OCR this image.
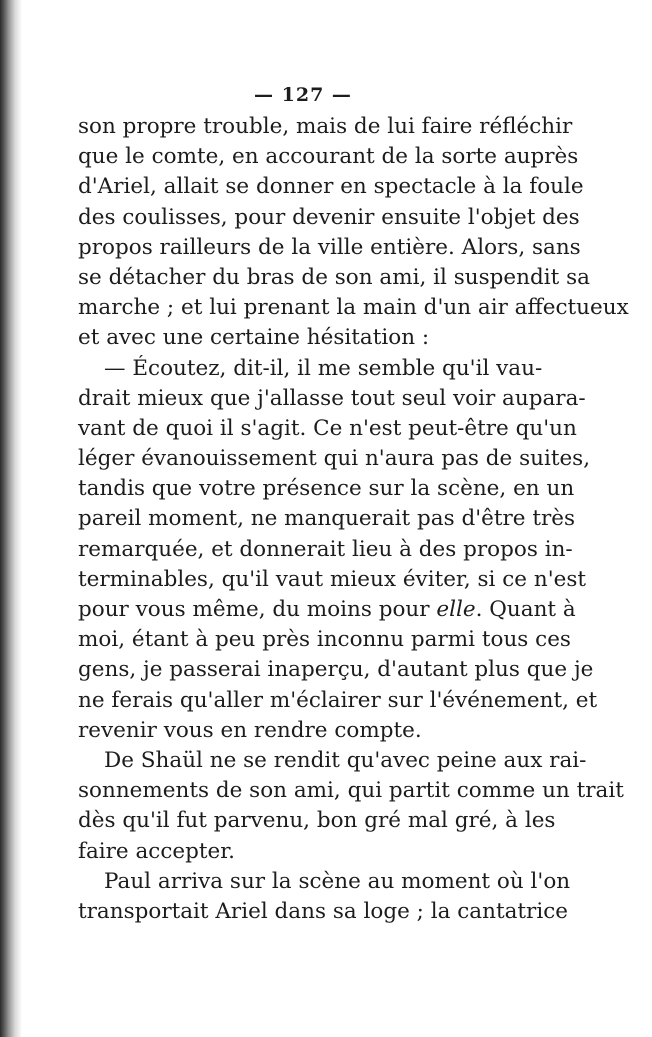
— 127 —
son propre trouble, mais de lui faire réfléchir
que le comte, en accourant de la sorte auprès
d'Ariel, allait se donner en spectacle à la foule
des coulisses, pour devenir ensuite l'objet des
propos railleurs de la ville entière. Alors, sans
se détacher du bras de son ami, il suspendit sa
marche ; et lui prenant la main d'un air affectueux
et avec une certaine hésitation :
— Écoutez, dit-il, il me semble qu'il vau-
drait mieux que j'allasse tout seul voir aupara-
vant de quoi il s'agit. Ce n'est peut-être qu'un
léger évanouissement qui n'aura pas de suites,
tandis que votre présence sur la scène, en un
pareil moment, ne manquerait pas d'être très
remarquée, et donnerait lieu à des propos in-
terminables, qu'il vaut mieux éviter, si ce n'est
pour vous même, du moins pour elle. Quant à
moi, étant à peu près inconnu parmi tous ces
gens, je passerai inaperçu, d'autant plus que je
ne ferais qu'aller m'éclairer sur l'événement, et
revenir vous en rendre compte.
De Shaül ne se rendit qu'avec peine aux rai-
sonnements de son ami, qui partit comme un trait
dès qu'il fut parvenu, bon gré mal gré, à les
faire accepter.
Paul arriva sur la scène au moment où l'on
transportait Ariel dans sa loge ; la cantatrice
